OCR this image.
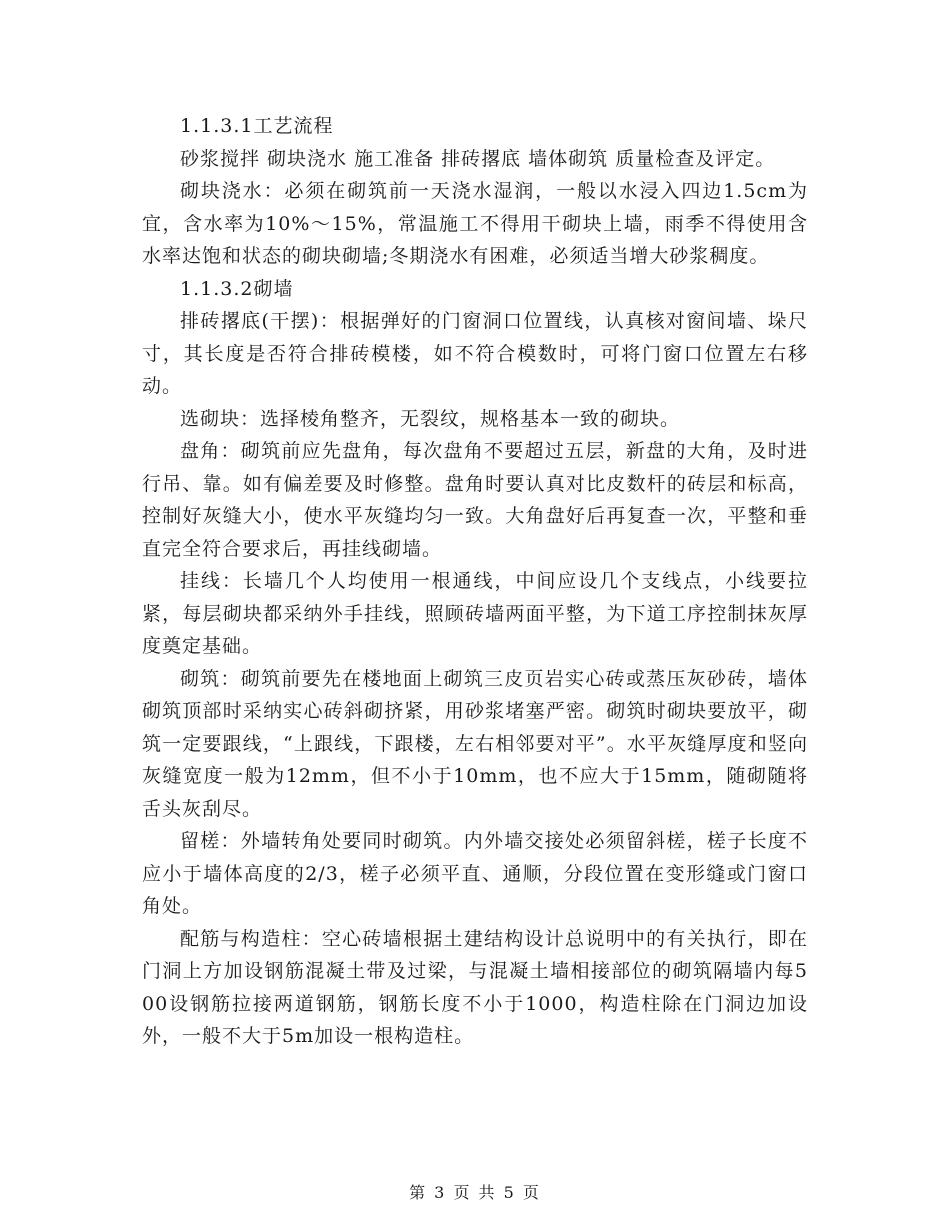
1.1.3.1工艺流程

砂浆搅拌 砌块浇水 施工准备 排砖撂底 墙体砌筑 质量检查及评定。

砌块浇水：必须在砌筑前一天浇水湿润，一般以水浸入四边1.5cm为宜，含水率为10%～15%，常温施工不得用干砌块上墙，雨季不得使用含水率达饱和状态的砌块砌墙;冬期浇水有困难，必须适当增大砂浆稠度。

1.1.3.2砌墙

排砖撂底(干摆)：根据弹好的门窗洞口位置线，认真核对窗间墙、垛尺寸，其长度是否符合排砖模楼，如不符合模数时，可将门窗口位置左右移动。

选砌块：选择棱角整齐，无裂纹，规格基本一致的砌块。

盘角：砌筑前应先盘角，每次盘角不要超过五层，新盘的大角，及时进行吊、靠。如有偏差要及时修整。盘角时要认真对比皮数杆的砖层和标高，控制好灰缝大小，使水平灰缝均匀一致。大角盘好后再复查一次，平整和垂直完全符合要求后，再挂线砌墙。

挂线：长墙几个人均使用一根通线，中间应设几个支线点，小线要拉紧，每层砌块都采纳外手挂线，照顾砖墙两面平整，为下道工序控制抹灰厚度奠定基础。

砌筑：砌筑前要先在楼地面上砌筑三皮页岩实心砖或蒸压灰砂砖，墙体砌筑顶部时采纳实心砖斜砌挤紧，用砂浆堵塞严密。砌筑时砌块要放平，砌筑一定要跟线，“上跟线，下跟楼，左右相邻要对平”。水平灰缝厚度和竖向灰缝宽度一般为12mm，但不小于10mm，也不应大于15mm，随砌随将舌头灰刮尽。

留槎：外墙转角处要同时砌筑。内外墙交接处必须留斜槎，槎子长度不应小于墙体高度的2/3，槎子必须平直、通顺，分段位置在变形缝或门窗口角处。

配筋与构造柱：空心砖墙根据土建结构设计总说明中的有关执行，即在门洞上方加设钢筋混凝土带及过梁，与混凝土墙相接部位的砌筑隔墙内每500设钢筋拉接两道钢筋，钢筋长度不小于1000，构造柱除在门洞边加设外，一般不大于5m加设一根构造柱。

第 3 页 共 5 页
